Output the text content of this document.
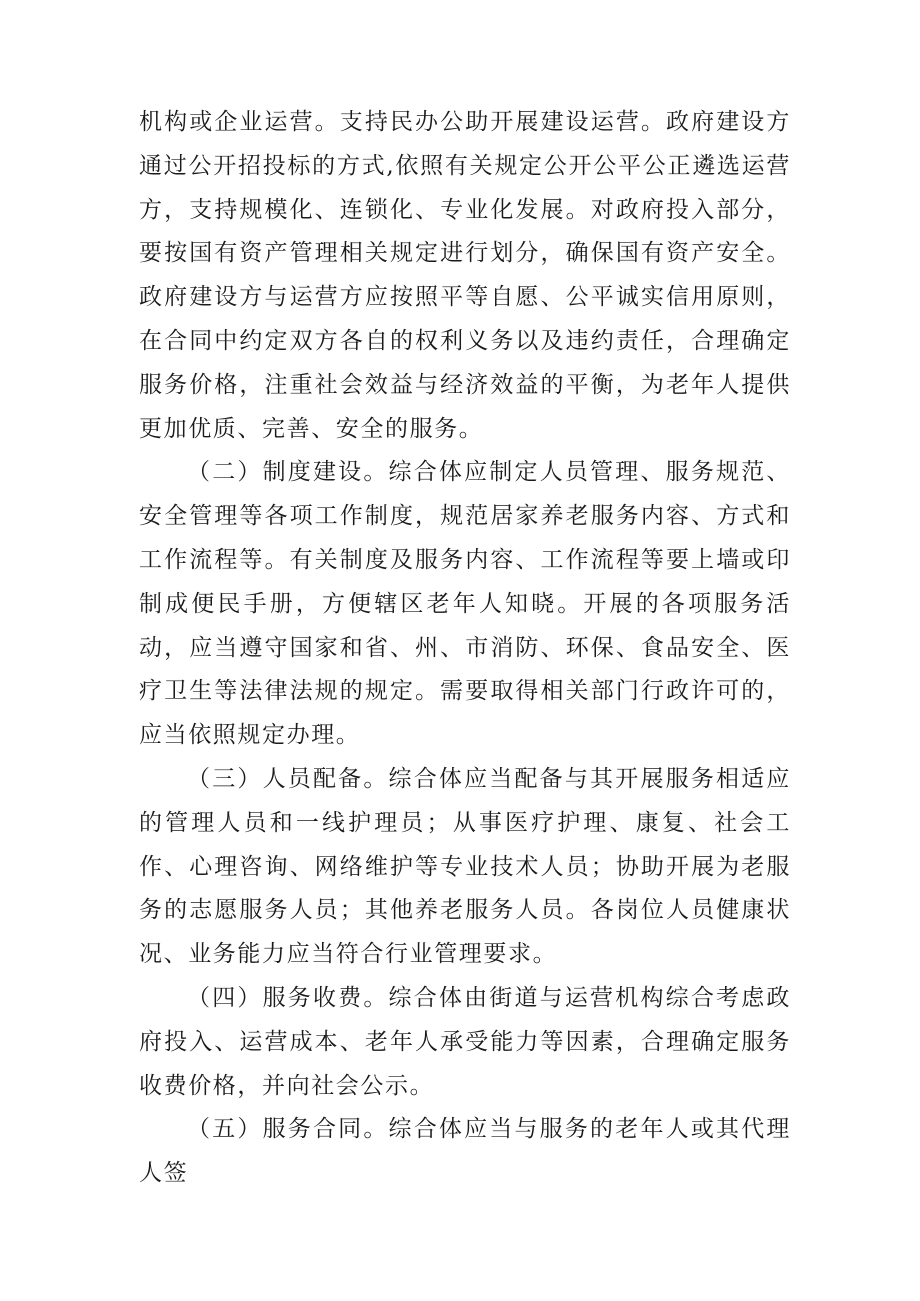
机构或企业运营。支持民办公助开展建设运营。政府建设方通过公开招投标的方式,依照有关规定公开公平公正遴选运营方，支持规模化、连锁化、专业化发展。对政府投入部分，要按国有资产管理相关规定进行划分，确保国有资产安全。政府建设方与运营方应按照平等自愿、公平诚实信用原则，在合同中约定双方各自的权利义务以及违约责任，合理确定服务价格，注重社会效益与经济效益的平衡，为老年人提供更加优质、完善、安全的服务。

（二）制度建设。综合体应制定人员管理、服务规范、安全管理等各项工作制度，规范居家养老服务内容、方式和工作流程等。有关制度及服务内容、工作流程等要上墙或印制成便民手册，方便辖区老年人知晓。开展的各项服务活动，应当遵守国家和省、州、市消防、环保、食品安全、医疗卫生等法律法规的规定。需要取得相关部门行政许可的，应当依照规定办理。

（三）人员配备。综合体应当配备与其开展服务相适应的管理人员和一线护理员；从事医疗护理、康复、社会工作、心理咨询、网络维护等专业技术人员；协助开展为老服务的志愿服务人员；其他养老服务人员。各岗位人员健康状况、业务能力应当符合行业管理要求。

（四）服务收费。综合体由街道与运营机构综合考虑政府投入、运营成本、老年人承受能力等因素，合理确定服务收费价格，并向社会公示。

（五）服务合同。综合体应当与服务的老年人或其代理人签
